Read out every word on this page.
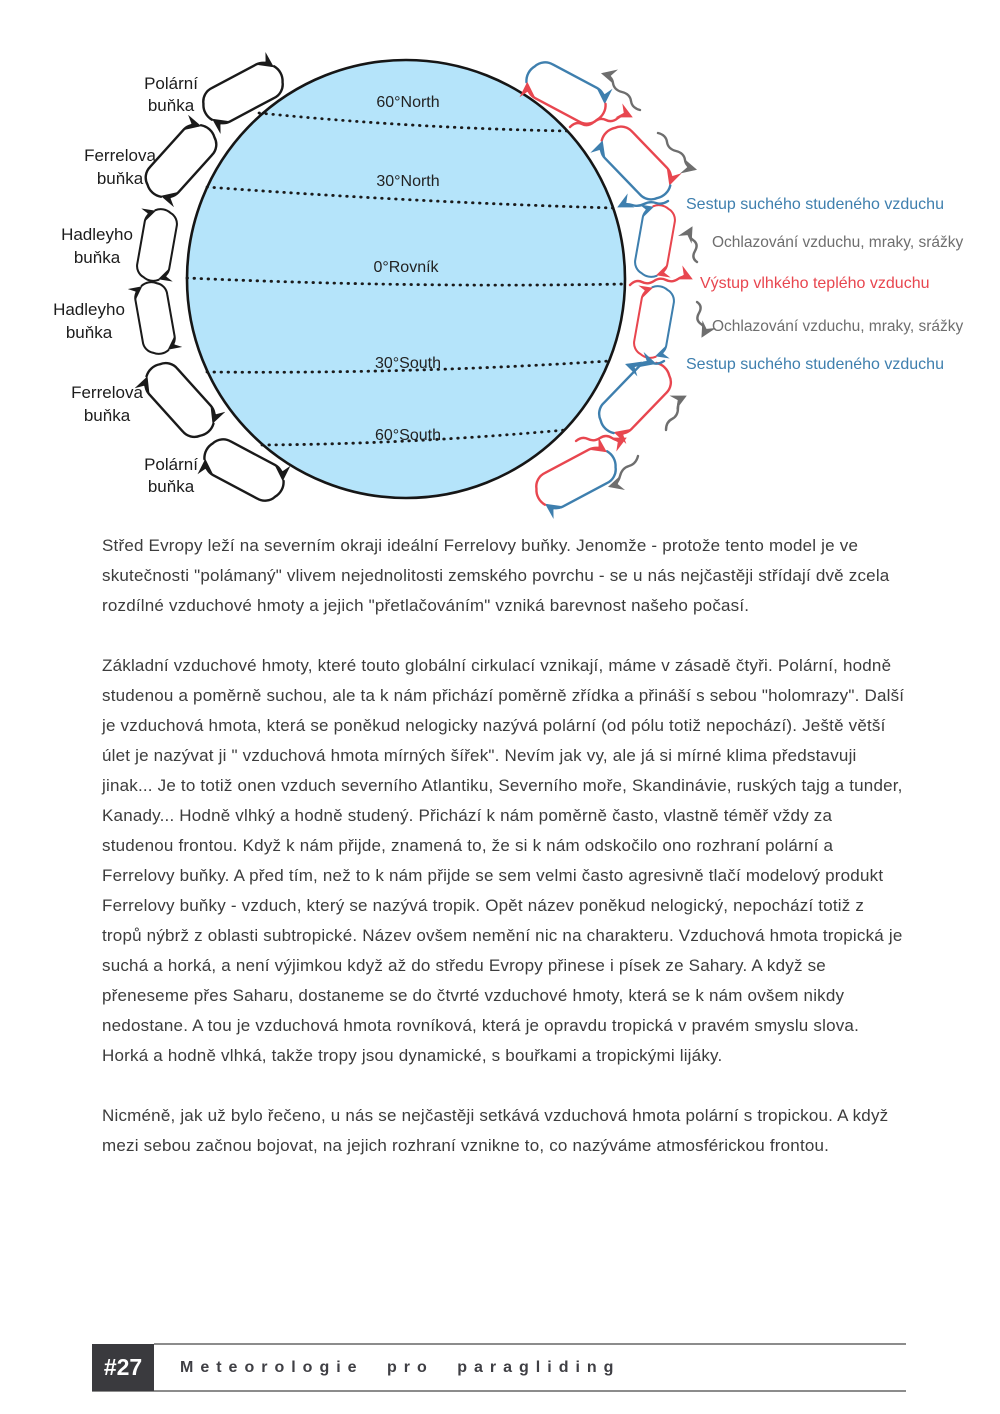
60°North
30°North
0°Rovník
30°South
60°South
Polární
buňka
Ferrelova
buňka
Hadleyho
buňka
Hadleyho
buňka
Ferrelova
buňka
Polární
buňka
Sestup suchého studeného vzduchu
Ochlazování vzduchu, mraky, srážky
Výstup vlhkého teplého vzduchu
Ochlazování vzduchu, mraky, srážky
Sestup suchého studeného vzduchu

Střed Evropy leží na severním okraji ideální Ferrelovy buňky. Jenomže - protože tento model je ve skutečnosti "polámaný" vlivem nejednolitosti zemského povrchu - se u nás nejčastěji střídají dvě zcela rozdílné vzduchové hmoty a jejich "přetlačováním" vzniká barevnost našeho počasí.

Základní vzduchové hmoty, které touto globální cirkulací vznikají, máme v zásadě čtyři. Polární, hodně studenou a poměrně suchou, ale ta k nám přichází poměrně zřídka a přináší s sebou "holomrazy". Další je vzduchová hmota, která se poněkud nelogicky nazývá polární (od pólu totiž nepochází). Ještě větší úlet je nazývat ji " vzduchová hmota mírných šířek". Nevím jak vy, ale já si mírné klima představuji jinak... Je to totiž onen vzduch severního Atlantiku, Severního moře, Skandinávie, ruských tajg a tunder, Kanady... Hodně vlhký a hodně studený. Přichází k nám poměrně často, vlastně téměř vždy za studenou frontou. Když k nám přijde, znamená to, že si k nám odskočilo ono rozhraní polární a Ferrelovy buňky. A před tím, než to k nám přijde se sem velmi často agresivně tlačí modelový produkt Ferrelovy buňky - vzduch, který se nazývá tropik. Opět název poněkud nelogický, nepochází totiž z tropů nýbrž z oblasti subtropické. Název ovšem nemění nic na charakteru. Vzduchová hmota tropická je suchá a horká, a není výjimkou když až do středu Evropy přinese i písek ze Sahary. A když se přeneseme přes Saharu, dostaneme se do čtvrté vzduchové hmoty, která se k nám ovšem nikdy nedostane. A tou je vzduchová hmota rovníková, která je opravdu tropická v pravém smyslu slova. Horká a hodně vlhká, takže tropy jsou dynamické, s bouřkami a tropickými lijáky.

Nicméně, jak už bylo řečeno, u nás se nejčastěji setkává vzduchová hmota polární s tropickou. A když mezi sebou začnou bojovat, na jejich rozhraní vznikne to, co nazýváme atmosférickou frontou.

#27	Meteorologie pro paragliding
